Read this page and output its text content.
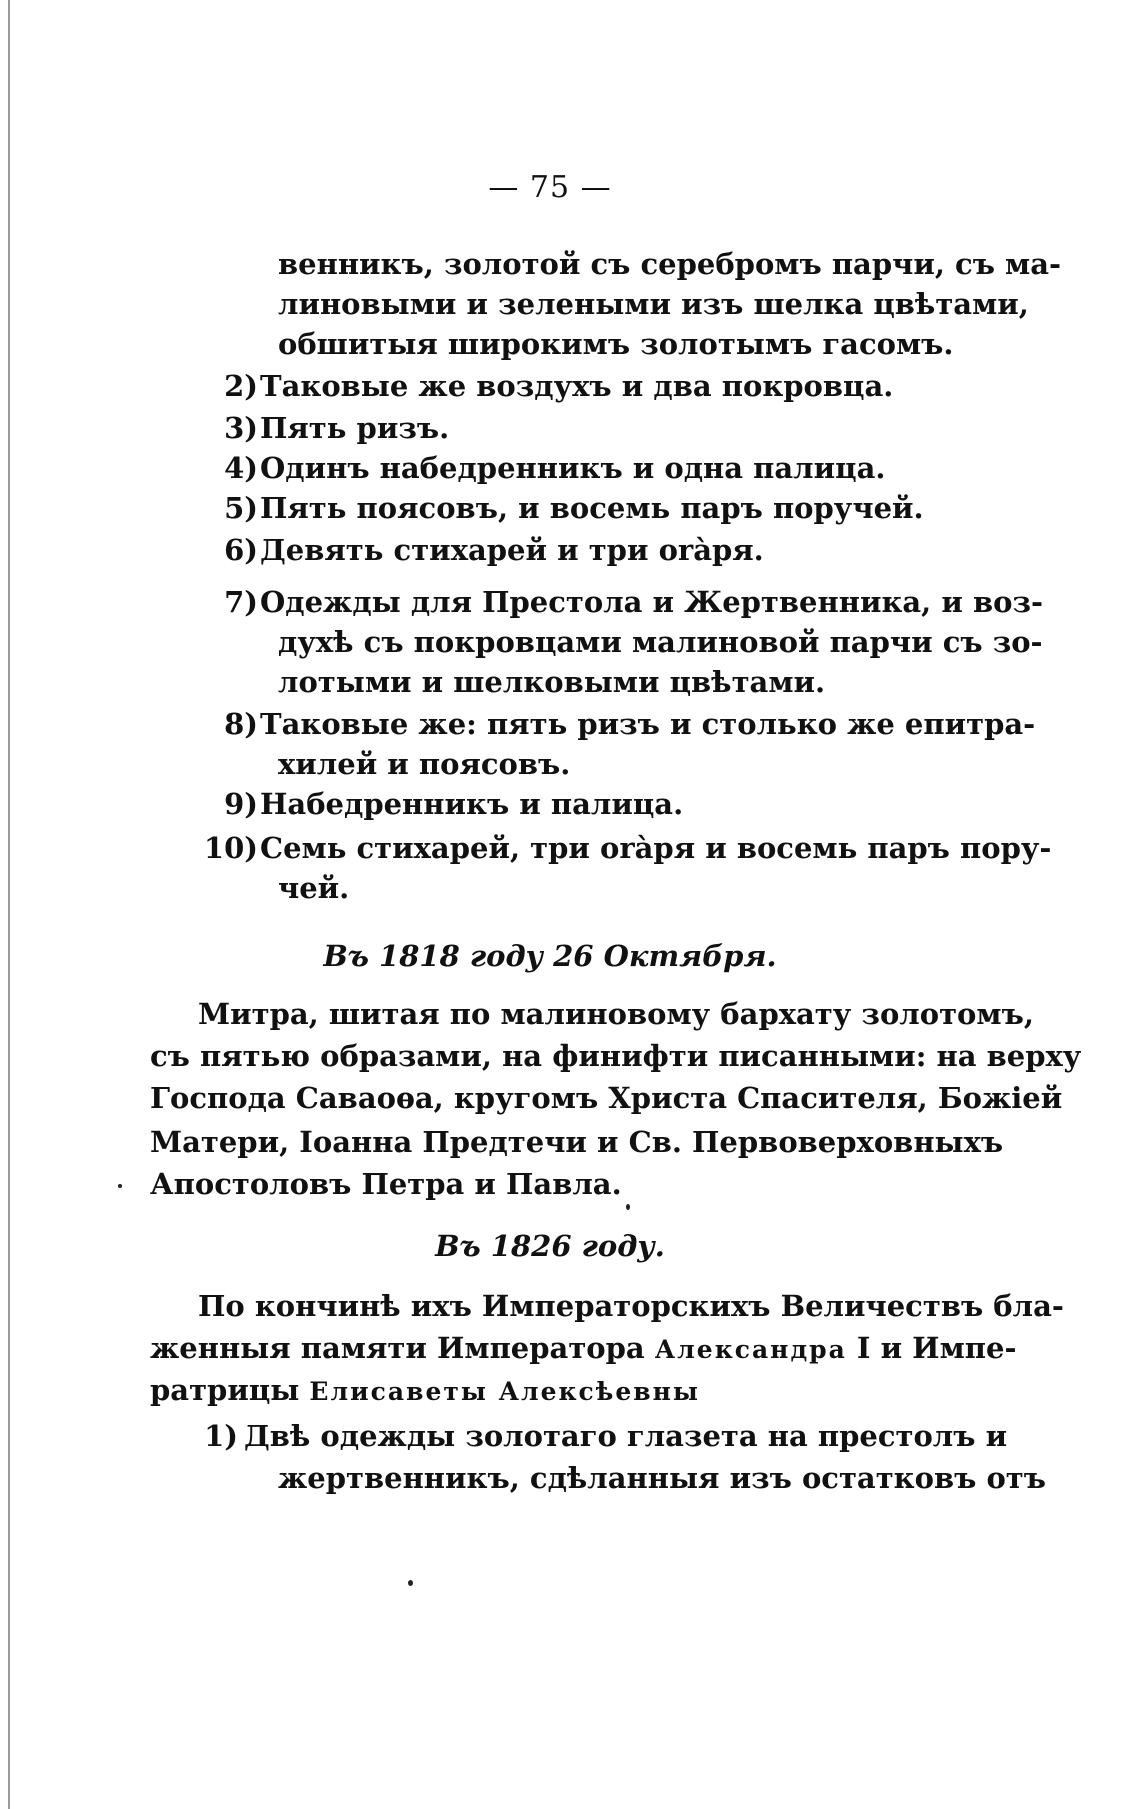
— 75 —
венникъ, золотой съ серебромъ парчи, съ ма-
линовыми и зелеными изъ шелка цвѣтами,
обшитыя широкимъ золотымъ гасомъ.
2) Таковые же воздухъ и два покровца.
3) Пять ризъ.
4) Одинъ набедренникъ и одна палица.
5) Пять поясовъ, и восемь паръ поручей.
6) Девять стихарей и три оràря.
7) Одежды для Престола и Жертвенника, и воз-
духѣ съ покровцами малиновой парчи съ зо-
лотыми и шелковыми цвѣтами.
8) Таковые же: пять ризъ и столько же епитра-
хилей и поясовъ.
9) Набедренникъ и палица.
10) Семь стихарей, три оràря и восемь паръ пору-
чей.
Въ 1818 году 26 Октября.
Митра, шитая по малиновому бархату золотомъ,
съ пятью образами, на финифти писанными: на верху
Господа Саваоѳа, кругомъ Христа Спасителя, Божіей
Матери, Іоанна Предтечи и Св. Первоверховныхъ
Апостоловъ Петра и Павла.
Въ 1826 году.
По кончинѣ ихъ Императорскихъ Величествъ бла-
женныя памяти Императора Александра I и Импе-
ратрицы Елисаветы Алексѣевны
1) Двѣ одежды золотаго глазета на престолъ и
жертвенникъ, сдѣланныя изъ остатковъ отъ
